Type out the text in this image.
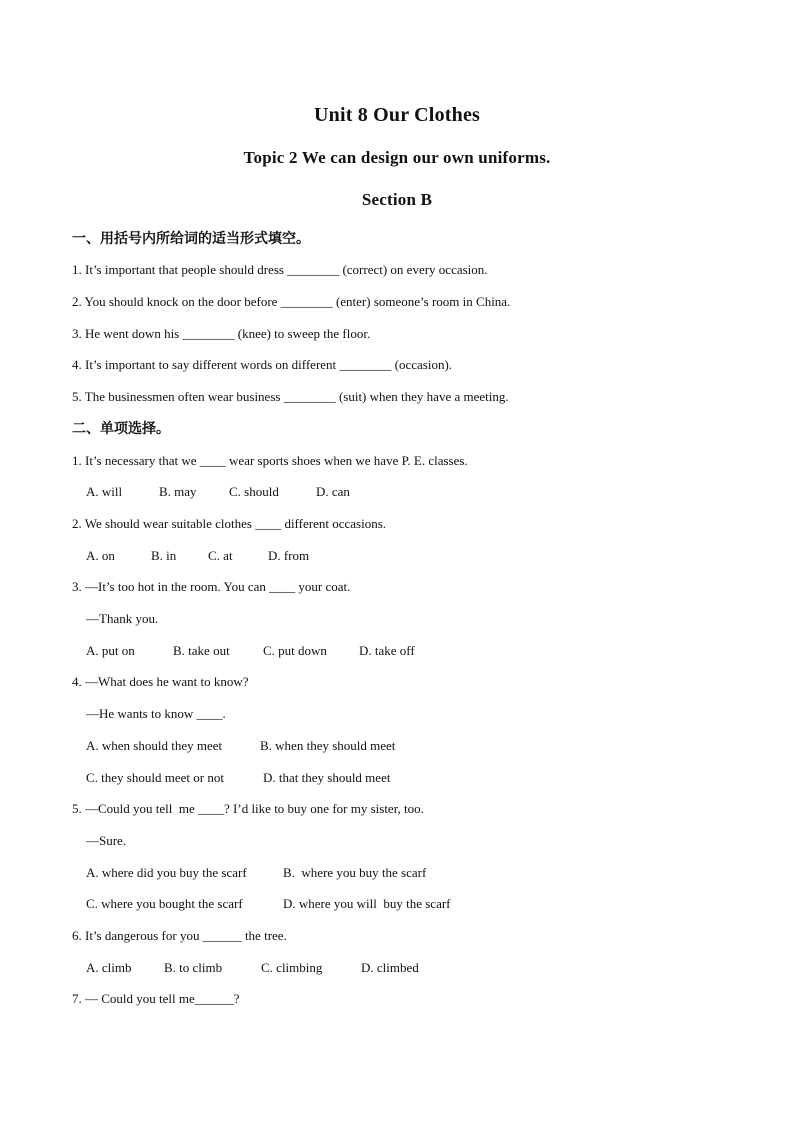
Unit 8 Our Clothes
Topic 2 We can design our own uniforms.
Section B
一、用括号内所给词的适当形式填空。
1. It’s important that people should dress ________ (correct) on every occasion.
2. You should knock on the door before ________ (enter) someone’s room in China.
3. He went down his ________ (knee) to sweep the floor.
4. It’s important to say different words on different ________ (occasion).
5. The businessmen often wear business ________ (suit) when they have a meeting.
二、单项选择。
1. It’s necessary that we ____ wear sports shoes when we have P. E. classes.
A. will	B. may C. should	D. can
2. We should wear suitable clothes ____ different occasions.
A. on	B. in C. at	D. from
3. —It’s too hot in the room. You can ____ your coat.
—Thank you.
A. put on	B. take out	C. put down D. take off
4. —What does he want to know?
—He wants to know ____.
A. when should they meet	B. when they should meet
C. they should meet or not	D. that they should meet
5. —Could you tell  me ____? I’d like to buy one for my sister, too.
—Sure.
A. where did you buy the scarf	B.  where you buy the scarf
C. where you bought the scarf	D. where you will  buy the scarf
6. It’s dangerous for you ______ the tree.
A. climb	B. to climb	C. climbing	D. climbed
7. — Could you tell me______?
